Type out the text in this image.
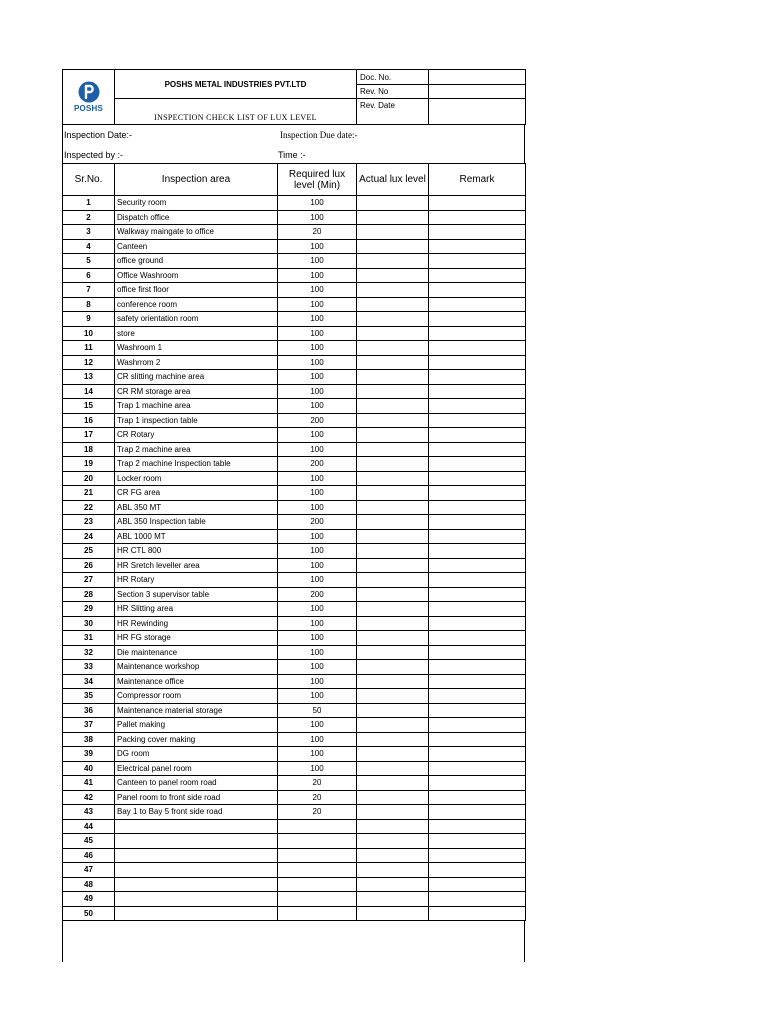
POSHS	POSHS METAL INDUSTRIES PVT.LTD	Doc. No.	
		Rev. No	
	INSPECTION CHECK LIST OF LUX LEVEL	Rev. Date	
Inspection Date:-	Inspection Due date:-
Inspected by :-	Time :-
Sr.No.	Inspection area	Required lux level (Min)	Actual lux level	Remark
1	Security room	100		
2	Dispatch office	100		
3	Walkway maingate to office	20		
4	Canteen	100		
5	office ground	100		
6	Office Washroom	100		
7	office first floor	100		
8	conference room	100		
9	safety orientation room	100		
10	store	100		
11	Washroom 1	100		
12	Washrrom 2	100		
13	CR slitting machine area	100		
14	CR RM storage area	100		
15	Trap 1 machine area	100		
16	Trap 1 inspection table	200		
17	CR Rotary	100		
18	Trap 2 machine area	100		
19	Trap 2 machine Inspection table	200		
20	Locker room	100		
21	CR FG area	100		
22	ABL 350 MT	100		
23	ABL 350 Inspection table	200		
24	ABL 1000 MT	100		
25	HR CTL 800	100		
26	HR Sretch leveller area	100		
27	HR Rotary	100		
28	Section 3 supervisor table	200		
29	HR Slitting area	100		
30	HR Rewinding	100		
31	HR FG storage	100		
32	Die maintenance	100		
33	Maintenance workshop	100		
34	Maintenance office	100		
35	Compressor room	100		
36	Maintenance material storage	50		
37	Pallet making	100		
38	Packing cover making	100		
39	DG room	100		
40	Electrical panel room	100		
41	Canteen to panel room road	20		
42	Panel room to front side road	20		
43	Bay 1 to Bay 5 front side road	20		
44				
45				
46				
47				
48				
49				
50				
